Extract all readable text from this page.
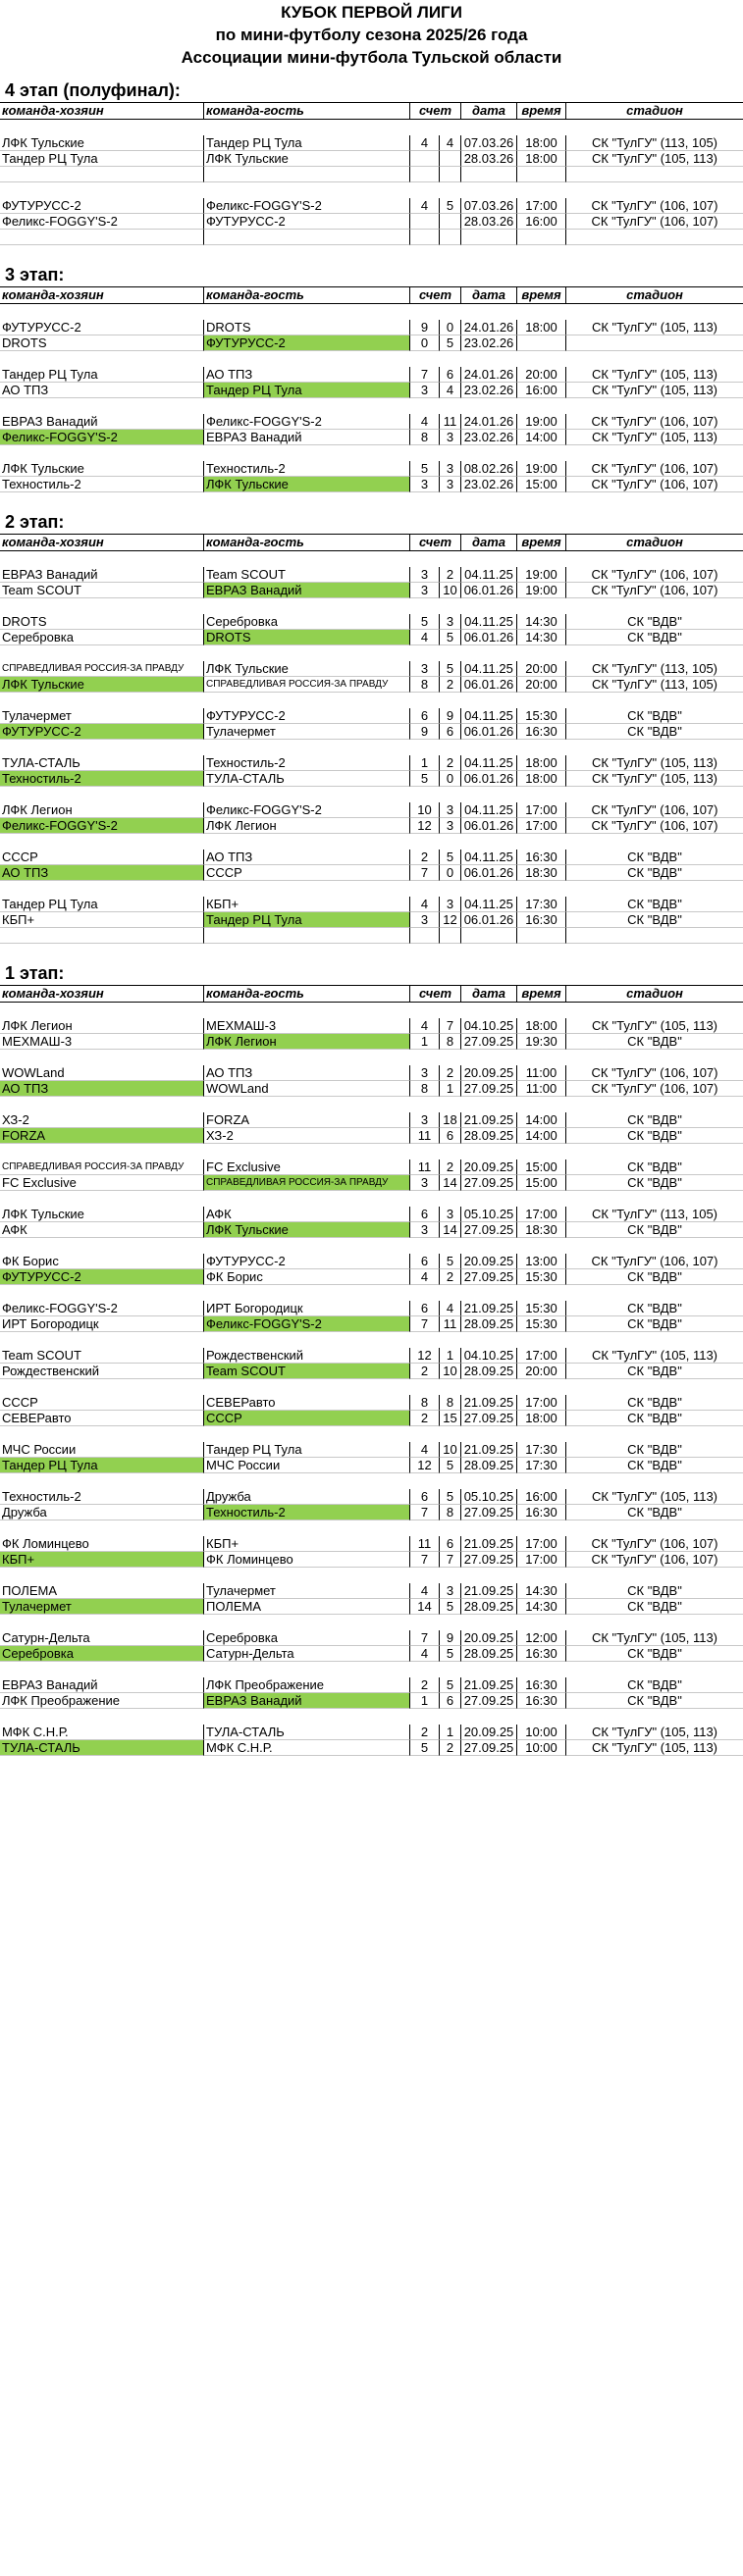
КУБОК ПЕРВОЙ ЛИГИ
по мини-футболу сезона 2025/26 года
Ассоциации мини-футбола Тульской области
4 этап (полуфинал):
команда-хозяин	команда-гость	счет	дата	время	стадион
ЛФК Тульские	Тандер РЦ Тула	4	4 07.03.26 18:00	СК "ТулГУ" (113, 105)
Тандер РЦ Тула	ЛФК Тульские	28.03.26 18:00	СК "ТулГУ" (105, 113)
ФУТУРУСС-2	Феликс-FOGGY'S-2	4	5 07.03.26 17:00	СК "ТулГУ" (106, 107)
Феликс-FOGGY'S-2	ФУТУРУСС-2	28.03.26 16:00	СК "ТулГУ" (106, 107)
3 этап:
команда-хозяин	команда-гость	счет	дата	время	стадион
ФУТУРУСС-2	DROTS	9	0 24.01.26 18:00	СК "ТулГУ" (105, 113)
DROTS	ФУТУРУСС-2	0	5 23.02.26
Тандер РЦ Тула	АО ТПЗ	7	6 24.01.26 20:00	СК "ТулГУ" (105, 113)
АО ТПЗ	Тандер РЦ Тула	3	4 23.02.26 16:00	СК "ТулГУ" (105, 113)
ЕВРАЗ Ванадий	Феликс-FOGGY'S-2	4	11 24.01.26 19:00	СК "ТулГУ" (106, 107)
Феликс-FOGGY'S-2	ЕВРАЗ Ванадий	8	3 23.02.26 14:00	СК "ТулГУ" (105, 113)
ЛФК Тульские	Техностиль-2	5	3 08.02.26 19:00	СК "ТулГУ" (106, 107)
Техностиль-2	ЛФК Тульские	3	3 23.02.26 15:00	СК "ТулГУ" (106, 107)
2 этап:
команда-хозяин	команда-гость	счет	дата	время	стадион
ЕВРАЗ Ванадий	Team SCOUT	3	2 04.11.25 19:00	СК "ТулГУ" (106, 107)
Team SCOUT	ЕВРАЗ Ванадий	3	10 06.01.26 19:00	СК "ТулГУ" (106, 107)
DROTS	Серебровка	5	3 04.11.25 14:30	СК "ВДВ"
Серебровка	DROTS	4	5 06.01.26 14:30	СК "ВДВ"
СПРАВЕДЛИВАЯ РОССИЯ-ЗА ПРАВДУ	ЛФК Тульские	3	5 04.11.25 20:00	СК "ТулГУ" (113, 105)
ЛФК Тульские	СПРАВЕДЛИВАЯ РОССИЯ-ЗА ПРАВДУ	8	2 06.01.26 20:00	СК "ТулГУ" (113, 105)
Тулачермет	ФУТУРУСС-2	6	9 04.11.25 15:30	СК "ВДВ"
ФУТУРУСС-2	Тулачермет	9	6 06.01.26 16:30	СК "ВДВ"
ТУЛА-СТАЛЬ	Техностиль-2	1	2 04.11.25 18:00	СК "ТулГУ" (105, 113)
Техностиль-2	ТУЛА-СТАЛЬ	5	0 06.01.26 18:00	СК "ТулГУ" (105, 113)
ЛФК Легион	Феликс-FOGGY'S-2	10	3 04.11.25 17:00	СК "ТулГУ" (106, 107)
Феликс-FOGGY'S-2	ЛФК Легион	12	3 06.01.26 17:00	СК "ТулГУ" (106, 107)
СССР	АО ТПЗ	2	5 04.11.25 16:30	СК "ВДВ"
АО ТПЗ	СССР	7	0 06.01.26 18:30	СК "ВДВ"
Тандер РЦ Тула	КБП+	4	3 04.11.25 17:30	СК "ВДВ"
КБП+	Тандер РЦ Тула	3	12 06.01.26 16:30	СК "ВДВ"
1 этап:
команда-хозяин	команда-гость	счет	дата	время	стадион
ЛФК Легион	МЕХМАШ-3	4	7 04.10.25 18:00	СК "ТулГУ" (105, 113)
МЕХМАШ-3	ЛФК Легион	1	8 27.09.25 19:30	СК "ВДВ"
WOWLand	АО ТПЗ	3	2 20.09.25 11:00	СК "ТулГУ" (106, 107)
АО ТПЗ	WOWLand	8	1 27.09.25 11:00	СК "ТулГУ" (106, 107)
ХЗ-2	FORZA	3	18 21.09.25 14:00	СК "ВДВ"
FORZA	ХЗ-2	11	6 28.09.25 14:00	СК "ВДВ"
СПРАВЕДЛИВАЯ РОССИЯ-ЗА ПРАВДУ	FC Exclusive	11	2 20.09.25 15:00	СК "ВДВ"
FC Exclusive	СПРАВЕДЛИВАЯ РОССИЯ-ЗА ПРАВДУ	3	14 27.09.25 15:00	СК "ВДВ"
ЛФК Тульские	АФК	6	3 05.10.25 17:00	СК "ТулГУ" (113, 105)
АФК	ЛФК Тульские	3	14 27.09.25 18:30	СК "ВДВ"
ФК Борис	ФУТУРУСС-2	6	5 20.09.25 13:00	СК "ТулГУ" (106, 107)
ФУТУРУСС-2	ФК Борис	4	2 27.09.25 15:30	СК "ВДВ"
Феликс-FOGGY'S-2	ИРТ Богородицк	6	4 21.09.25 15:30	СК "ВДВ"
ИРТ Богородицк	Феликс-FOGGY'S-2	7	11 28.09.25 15:30	СК "ВДВ"
Team SCOUT	Рождественский	12	1 04.10.25 17:00	СК "ТулГУ" (105, 113)
Рождественский	Team SCOUT	2	10 28.09.25 20:00	СК "ВДВ"
СССР	СЕВЕРавто	8	8 21.09.25 17:00	СК "ВДВ"
СЕВЕРавто	СССР	2	15 27.09.25 18:00	СК "ВДВ"
МЧС России	Тандер РЦ Тула	4	10 21.09.25 17:30	СК "ВДВ"
Тандер РЦ Тула	МЧС России	12	5 28.09.25 17:30	СК "ВДВ"
Техностиль-2	Дружба	6	5 05.10.25 16:00	СК "ТулГУ" (105, 113)
Дружба	Техностиль-2	7	8 27.09.25 16:30	СК "ВДВ"
ФК Ломинцево	КБП+	11	6 21.09.25 17:00	СК "ТулГУ" (106, 107)
КБП+	ФК Ломинцево	7	7 27.09.25 17:00	СК "ТулГУ" (106, 107)
ПОЛЕМА	Тулачермет	4	3 21.09.25 14:30	СК "ВДВ"
Тулачермет	ПОЛЕМА	14	5 28.09.25 14:30	СК "ВДВ"
Сатурн-Дельта	Серебровка	7	9 20.09.25 12:00	СК "ТулГУ" (105, 113)
Серебровка	Сатурн-Дельта	4	5 28.09.25 16:30	СК "ВДВ"
ЕВРАЗ Ванадий	ЛФК Преображение	2	5 21.09.25 16:30	СК "ВДВ"
ЛФК Преображение	ЕВРАЗ Ванадий	1	6 27.09.25 16:30	СК "ВДВ"
МФК С.Н.Р.	ТУЛА-СТАЛЬ	2	1 20.09.25 10:00	СК "ТулГУ" (105, 113)
ТУЛА-СТАЛЬ	МФК С.Н.Р.	5	2 27.09.25 10:00	СК "ТулГУ" (105, 113)
